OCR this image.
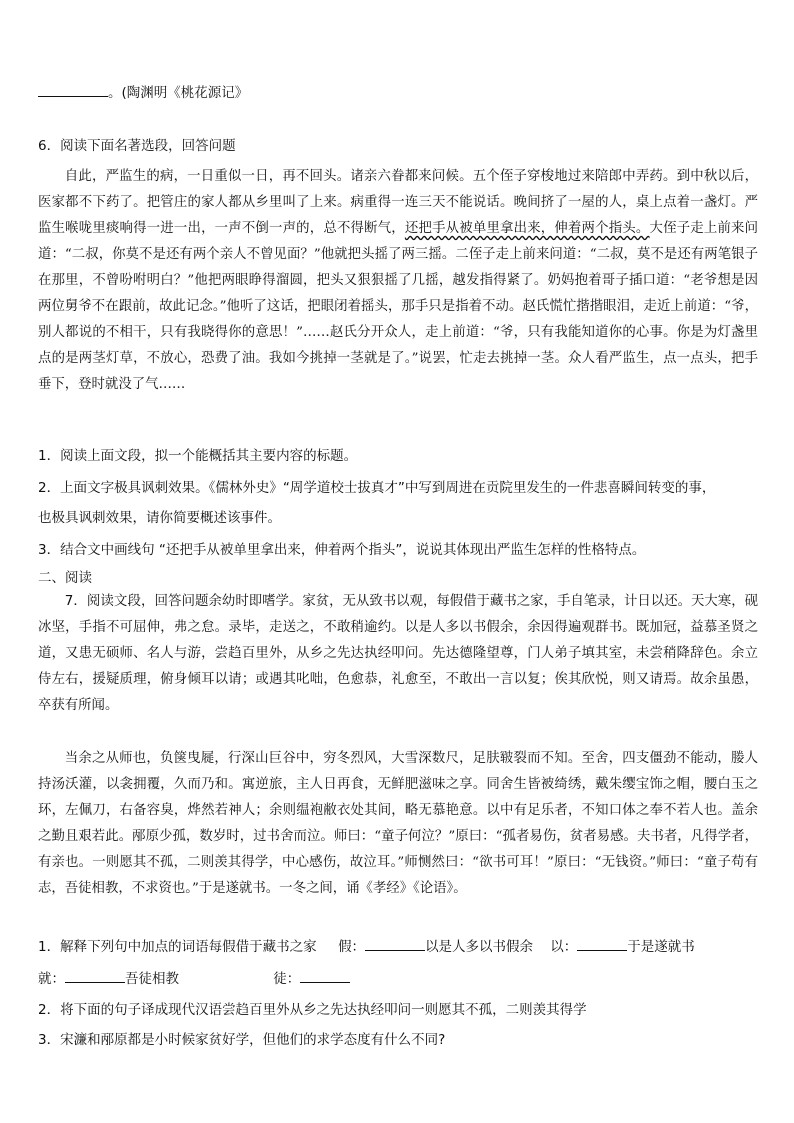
。(陶渊明《桃花源记》
6．阅读下面名著选段，回答问题
自此，严监生的病，一日重似一日，再不回头。诸亲六眷都来问候。五个侄子穿梭地过来陪郎中弄药。到中秋以后，医家都不下药了。把管庄的家人都从乡里叫了上来。病重得一连三天不能说话。晚间挤了一屋的人，桌上点着一盏灯。严监生喉咙里痰响得一进一出，一声不倒一声的，总不得断气，还把手从被单里拿出来，伸着两个指头。大侄子走上前来问道：“二叔，你莫不是还有两个亲人不曾见面？”他就把头摇了两三摇。二侄子走上前来问道：“二叔，莫不是还有两笔银子在那里，不曾吩咐明白？”他把两眼睁得溜圆，把头又狠狠摇了几摇，越发指得紧了。奶妈抱着哥子插口道：“老爷想是因两位舅爷不在跟前，故此记念。”他听了这话，把眼闭着摇头，那手只是指着不动。赵氏慌忙揩揩眼泪，走近上前道：“爷，别人都说的不相干，只有我晓得你的意思！”……赵氏分开众人，走上前道：“爷，只有我能知道你的心事。你是为灯盏里点的是两茎灯草，不放心，恐费了油。我如今挑掉一茎就是了。”说罢，忙走去挑掉一茎。众人看严监生，点一点头，把手垂下，登时就没了气……
1．阅读上面文段，拟一个能概括其主要内容的标题。
2．上面文字极具讽刺效果。《儒林外史》“周学道校士拔真才”中写到周进在贡院里发生的一件悲喜瞬间转变的事，
也极具讽刺效果，请你简要概述该事件。
3．结合文中画线句 “还把手从被单里拿出来，伸着两个指头”，说说其体现出严监生怎样的性格特点。
二、阅读
7．阅读文段，回答问题余幼时即嗜学。家贫，无从致书以观，每假借于藏书之家，手自笔录，计日以还。天大寒，砚冰坚，手指不可屈伸，弗之怠。录毕，走送之，不敢稍逾约。以是人多以书假余，余因得遍观群书。既加冠，益慕圣贤之道，又患无硕师、名人与游，尝趋百里外，从乡之先达执经叩问。先达德隆望尊，门人弟子填其室，未尝稍降辞色。余立侍左右，援疑质理，俯身倾耳以请；或遇其叱咄，色愈恭，礼愈至，不敢出一言以复；俟其欣悦，则又请焉。故余虽愚，卒获有所闻。
当余之从师也，负箧曳屣，行深山巨谷中，穷冬烈风，大雪深数尺，足肤皲裂而不知。至舍，四支僵劲不能动，媵人持汤沃灌，以衾拥覆，久而乃和。寓逆旅，主人日再食，无鲜肥滋味之享。同舍生皆被绮绣，戴朱缨宝饰之帽，腰白玉之环，左佩刀，右备容臭，烨然若神人；余则缊袍敝衣处其间，略无慕艳意。以中有足乐者，不知口体之奉不若人也。盖余之勤且艰若此。邴原少孤，数岁时，过书舍而泣。师曰：“童子何泣？”原曰：“孤者易伤，贫者易感。夫书者，凡得学者，有亲也。一则愿其不孤，二则羡其得学，中心感伤，故泣耳。”师恻然曰：“欲书可耳！”原曰：“无钱资。”师曰：“童子苟有志，吾徒相教，不求资也。”于是遂就书。一冬之间，诵《孝经》《论语》。
1．解释下列句中加点的词语每假借于藏书之家 假：	以是人多以书假余 以：	于是遂就书
就：	吾徒相教	徒：
2．将下面的句子译成现代汉语尝趋百里外从乡之先达执经叩问一则愿其不孤，二则羡其得学
3．宋濂和邴原都是小时候家贫好学，但他们的求学态度有什么不同?
